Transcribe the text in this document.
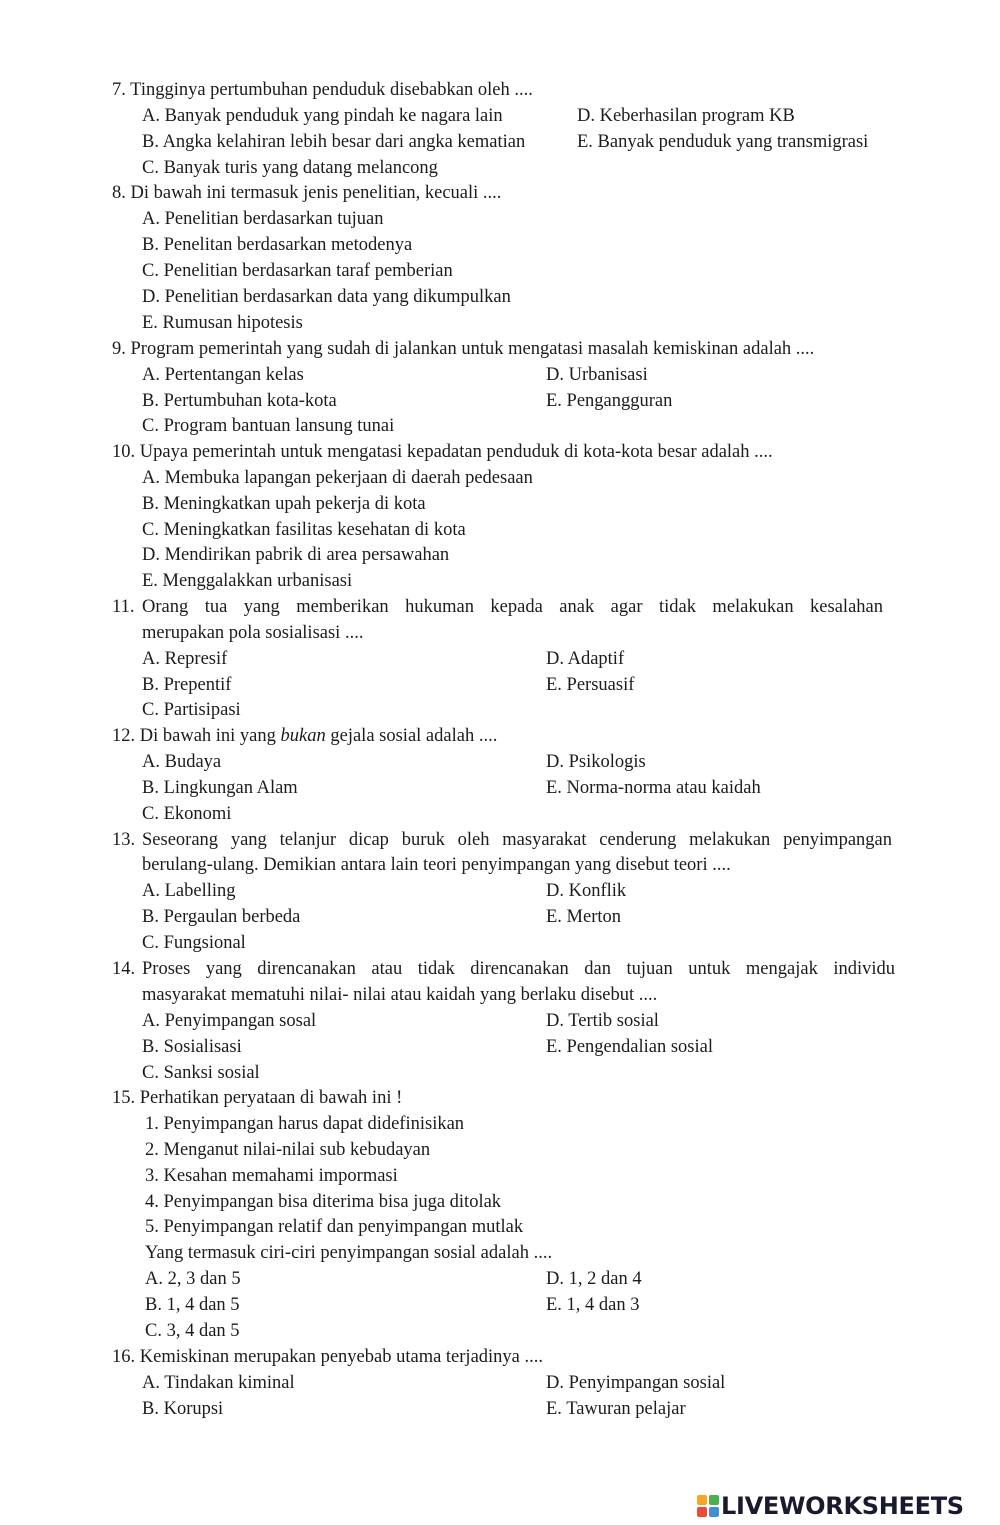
7. Tingginya pertumbuhan penduduk disebabkan oleh ....
A. Banyak penduduk yang pindah ke nagara lain	D. Keberhasilan program KB
B. Angka kelahiran lebih besar dari angka kematian	E. Banyak penduduk yang transmigrasi
C. Banyak turis yang datang melancong
8. Di bawah ini termasuk jenis penelitian, kecuali ....
A. Penelitian berdasarkan tujuan
B. Penelitan berdasarkan metodenya
C. Penelitian berdasarkan taraf pemberian
D. Penelitian berdasarkan data yang dikumpulkan
E. Rumusan hipotesis
9. Program pemerintah yang sudah di jalankan untuk mengatasi masalah kemiskinan adalah ....
A. Pertentangan kelas	D. Urbanisasi
B. Pertumbuhan kota-kota	E. Pengangguran
C. Program bantuan lansung tunai
10. Upaya pemerintah untuk mengatasi kepadatan penduduk di kota-kota besar adalah ....
A. Membuka lapangan pekerjaan di daerah pedesaan
B. Meningkatkan upah pekerja di kota
C. Meningkatkan fasilitas kesehatan di kota
D. Mendirikan pabrik di area persawahan
E. Menggalakkan urbanisasi
11. Orang tua yang memberikan hukuman kepada anak agar tidak melakukan kesalahan
merupakan pola sosialisasi ....
A. Represif	D. Adaptif
B. Prepentif	E. Persuasif
C. Partisipasi
12. Di bawah ini yang bukan gejala sosial adalah ....
A. Budaya	D. Psikologis
B. Lingkungan Alam	E. Norma-norma atau kaidah
C. Ekonomi
13. Seseorang yang telanjur dicap buruk oleh masyarakat cenderung melakukan penyimpangan
berulang-ulang. Demikian antara lain teori penyimpangan yang disebut teori ....
A. Labelling	D. Konflik
B. Pergaulan berbeda	E. Merton
C. Fungsional
14. Proses yang direncanakan atau tidak direncanakan dan tujuan untuk mengajak individu
masyarakat mematuhi nilai- nilai atau kaidah yang berlaku disebut ....
A. Penyimpangan sosal	D. Tertib sosial
B. Sosialisasi	E. Pengendalian sosial
C. Sanksi sosial
15. Perhatikan peryataan di bawah ini !
1. Penyimpangan harus dapat didefinisikan
2. Menganut nilai-nilai sub kebudayan
3. Kesahan memahami impormasi
4. Penyimpangan bisa diterima bisa juga ditolak
5. Penyimpangan relatif dan penyimpangan mutlak
Yang termasuk ciri-ciri penyimpangan sosial adalah ....
A. 2, 3 dan 5	D. 1, 2 dan 4
B. 1, 4 dan 5	E. 1, 4 dan 3
C. 3, 4 dan 5
16. Kemiskinan merupakan penyebab utama terjadinya ....
A. Tindakan kiminal	D. Penyimpangan sosial
B. Korupsi	E. Tawuran pelajar
LIVEWORKSHEETS
